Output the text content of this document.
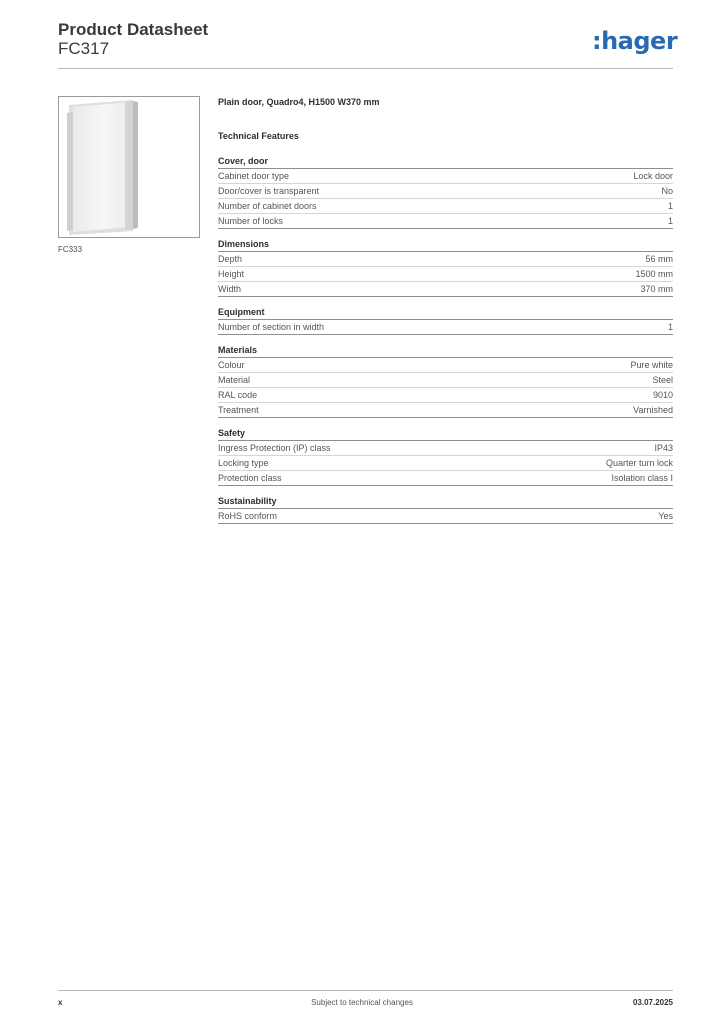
Product Datasheet
FC317	:hager
FC333
Plain door, Quadro4, H1500 W370 mm
Technical Features
Cover, door
Cabinet door type	Lock door
Door/cover is transparent	No
Number of cabinet doors	1
Number of locks	1
Dimensions
Depth	56 mm
Height	1500 mm
Width	370 mm
Equipment
Number of section in width	1
Materials
Colour	Pure white
Material	Steel
RAL code	9010
Treatment	Varnished
Safety
Ingress Protection (IP) class	IP43
Locking type	Quarter turn lock
Protection class	Isolation class I
Sustainability
RoHS conform	Yes
x	Subject to technical changes	03.07.2025
